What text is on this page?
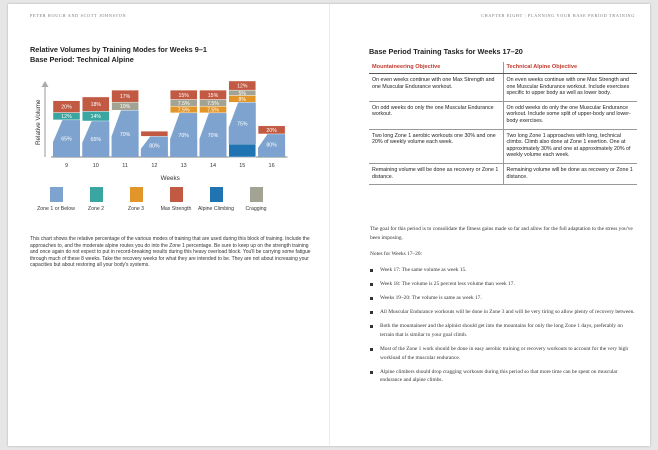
PETER ROUCH AND SCOTT JOHNSTON
Relative Volumes by Training Modes for Weeks 9–1
Base Period: Technical Alpine
Relative Volume	65%
12%
20%
9
65%
14%
18%
10
70%
10%
17%
11
80%
12
70%
7.5%
7.5%
15%
13
70%
7.5%
7.5%
15%
14
75%
8%
5%
12%
15
80%
20%
16
Weeks
Zone 1 or Below	Zone 2	Zone 3	Max Strength	Alpine Climbing	Cragging

This chart shows the relative percentage of the various modes of training that are used during this block of training. Include the approaches to, and the moderate alpine routes you do into the Zone 1 percentage. Be sure to keep up on the strength training and once again do not expect to put in record-breaking results during this heavy overload block. You'll be carrying some fatigue through much of these 8 weeks. Take the recovery weeks for what they are intended to be. They are not about increasing your capacities but about restoring all your body's systems.

CHAPTER EIGHT | PLANNING YOUR BASE PERIOD TRAINING
Base Period Training Tasks for Weeks 17–20
Mountaineering Objective	Technical Alpine Objective
On even weeks continue with one Max Strength and one Muscular Endurance workout.	On even weeks continue with one Max Strength and one Muscular Endurance workout. Include exercises specific to upper body as well as lower body.
On odd weeks do only the one Muscular Endurance workout.	On odd weeks do only the one Muscular Endurance workout. Include some split of upper-body and lower-body exercises.
Two long Zone 1 aerobic workouts one 30% and one 20% of weekly volume each week.	Two long Zone 1 approaches with long, technical climbs. Climb also done at Zone 1 exertion. One at approximately 30% and one at approximately 20% of weekly volume each week.
Remaining volume will be done as recovery or Zone 1 distance.	Remaining volume will be done as recovery or Zone 1 distance.

The goal for this period is to consolidate the fitness gains made so far and allow for the full adaptation to the stress you've been imposing.

Notes for Weeks 17–20:
Week 17: The same volume as week 15.
Week 18: The volume is 25 percent less volume than week 17.
Weeks 19–20: The volume is same as week 17.
All Muscular Endurance workouts will be done in Zone 3 and will be very tiring so allow plenty of recovery between.
Both the mountaineer and the alpinist should get into the mountains for only the long Zone 1 days, preferably on terrain that is similar to your goal climb.
Most of the Zone 1 work should be done in easy aerobic training or recovery workouts to account for the very high workload of the muscular endurance.
Alpine climbers should drop cragging workouts during this period so that more time can be spent on muscular endurance and alpine climbs.
